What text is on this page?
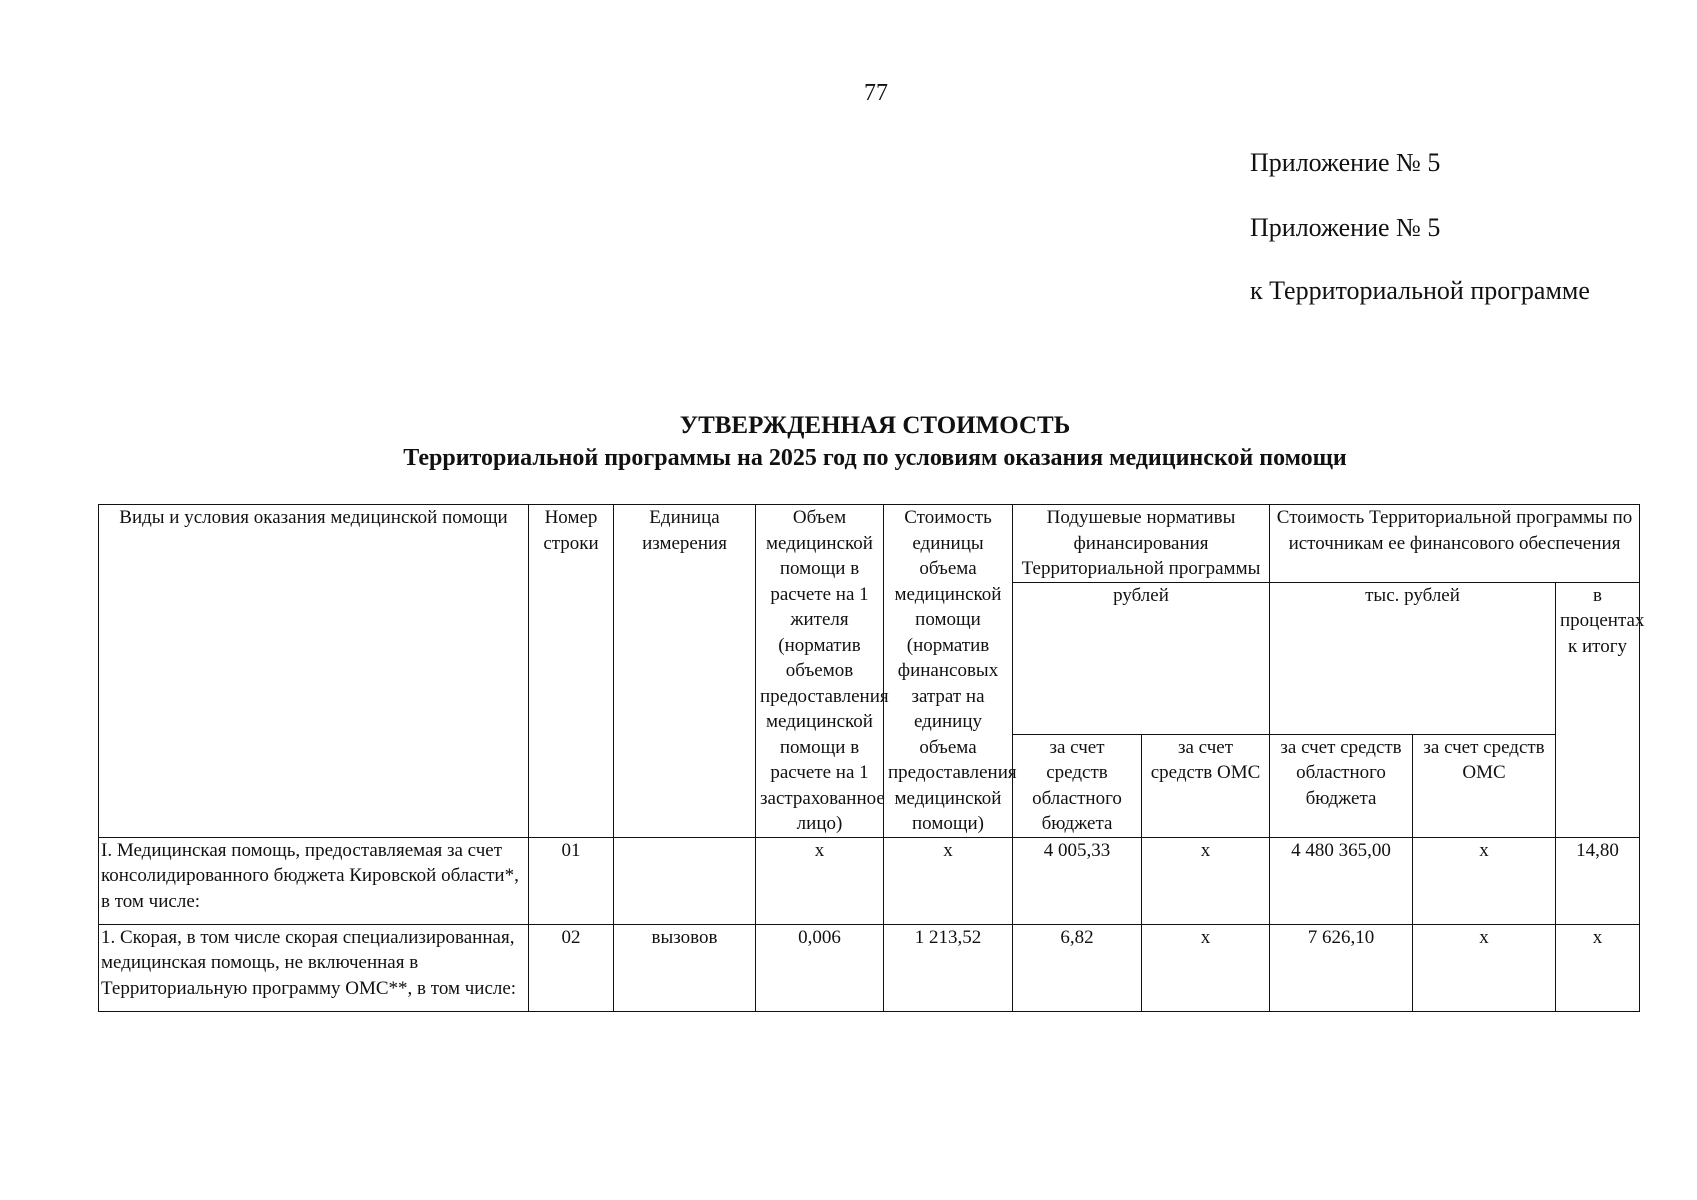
77
Приложение № 5
Приложение № 5
к Территориальной программе
УТВЕРЖДЕННАЯ СТОИМОСТЬ
Территориальной программы на 2025 год по условиям оказания медицинской помощи
Виды и условия оказания медицинской помощи	Номер строки	Единица измерения	Объем медицинской помощи в расчете на 1 жителя (норматив объемов предоставления медицинской помощи в расчете на 1 застрахованное лицо)	Стоимость единицы объема медицинской помощи (норматив финансовых затрат на единицу объема предоставления медицинской помощи)	Подушевые нормативы финансирования Территориальной программы		Стоимость Территориальной программы по источникам ее финансового обеспечения		
					рублей		тыс. рублей		в процентах к итогу
					за счет средств областного бюджета	за счет средств ОМС	за счет средств областного бюджета	за счет средств ОМС	
I. Медицинская помощь, предоставляемая за счет консолидированного бюджета Кировской области*, в том числе:	01		х	х	4 005,33	х	4 480 365,00	х	14,80
1. Скорая, в том числе скорая специализированная, медицинская помощь, не включенная в Территориальную программу ОМС**, в том числе:	02	вызовов	0,006	1 213,52	6,82	х	7 626,10	х	х
